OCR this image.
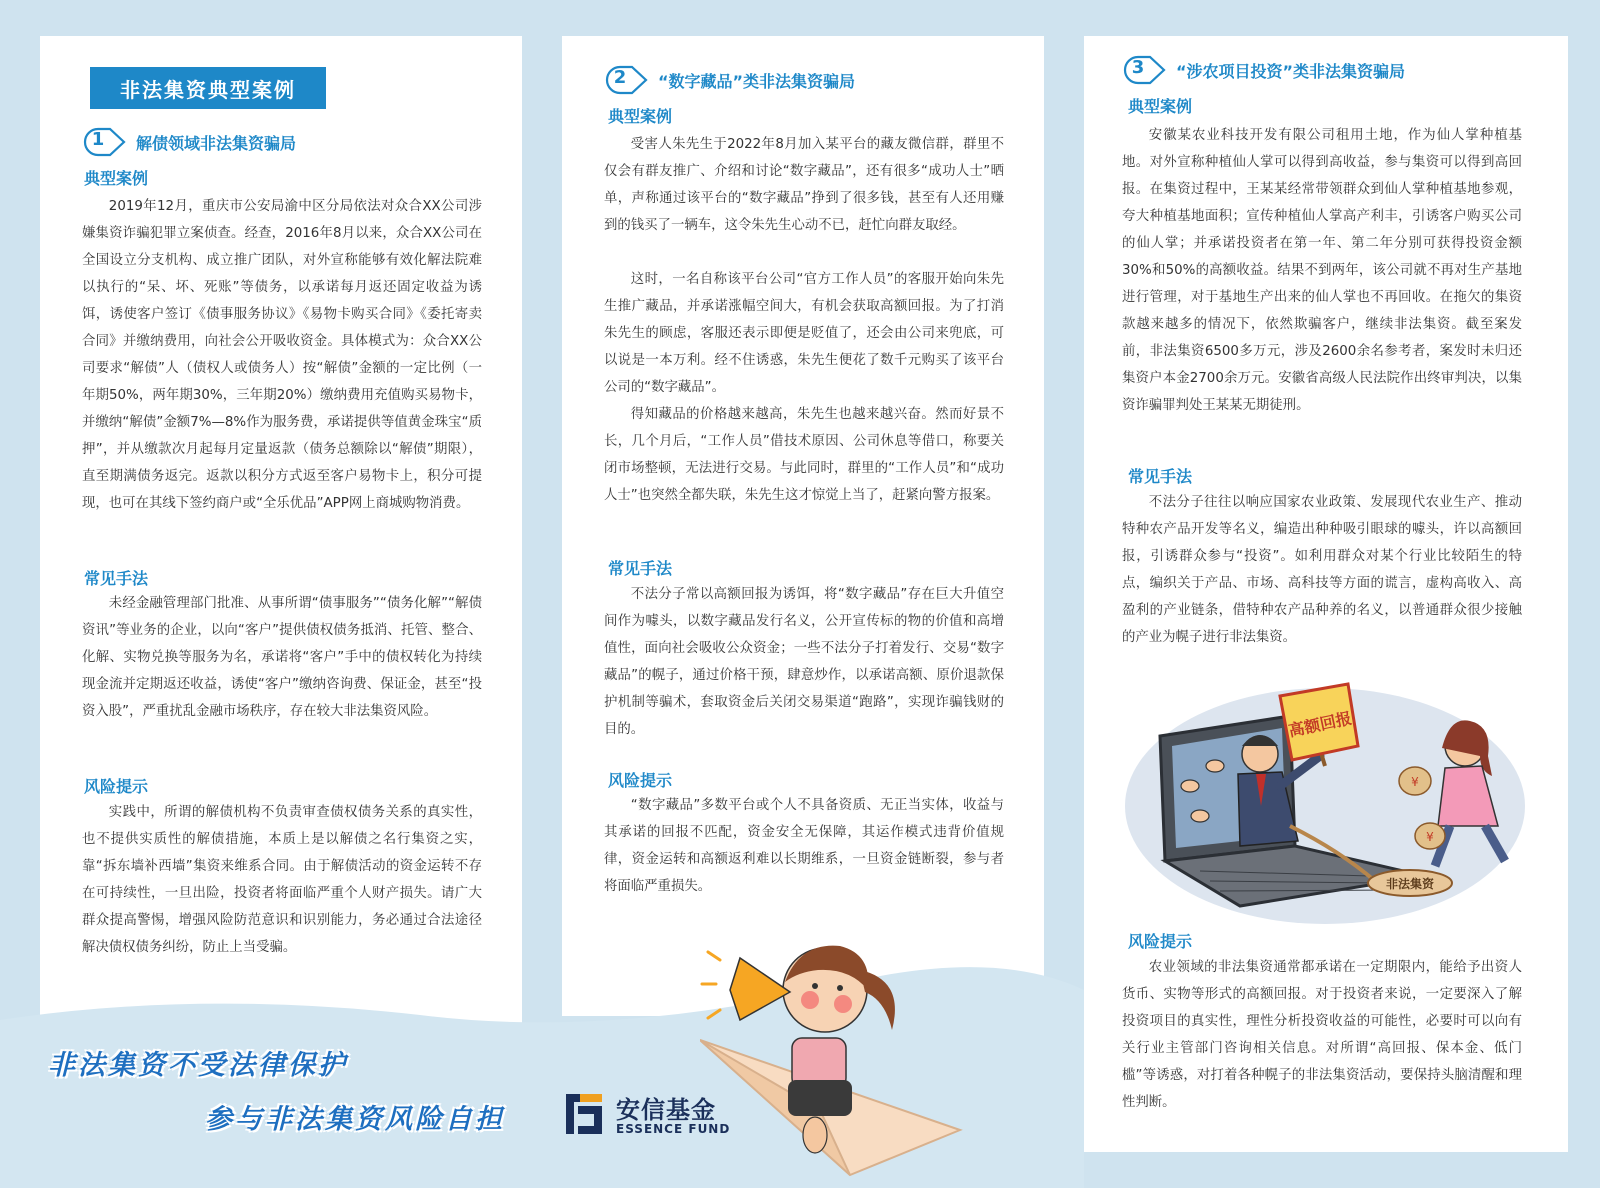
非法集资典型案例
1	解债领域非法集资骗局
典型案例

2019年12月，重庆市公安局渝中区分局依法对众合XX公司涉嫌集资诈骗犯罪立案侦查。经查，2016年8月以来，众合XX公司在全国设立分支机构、成立推广团队，对外宣称能够有效化解法院难以执行的“呆、坏、死账”等债务，以承诺每月返还固定收益为诱饵，诱使客户签订《债事服务协议》《易物卡购买合同》《委托寄卖合同》并缴纳费用，向社会公开吸收资金。具体模式为：众合XX公司要求“解债”人（债权人或债务人）按“解债”金额的一定比例（一年期50%，两年期30%，三年期20%）缴纳费用充值购买易物卡，并缴纳“解债”金额7%—8%作为服务费，承诺提供等值黄金珠宝“质押”，并从缴款次月起每月定量返款（债务总额除以“解债”期限），直至期满债务返完。返款以积分方式返至客户易物卡上，积分可提现，也可在其线下签约商户或“全乐优品”APP网上商城购物消费。

常见手法

未经金融管理部门批准、从事所谓“债事服务”“债务化解”“解债资讯”等业务的企业，以向“客户”提供债权债务抵消、托管、整合、化解、实物兑换等服务为名，承诺将“客户”手中的债权转化为持续现金流并定期返还收益，诱使“客户”缴纳咨询费、保证金，甚至“投资入股”，严重扰乱金融市场秩序，存在较大非法集资风险。

风险提示

实践中，所谓的解债机构不负责审查债权债务关系的真实性，也不提供实质性的解债措施，本质上是以解债之名行集资之实，靠“拆东墙补西墙”集资来维系合同。由于解债活动的资金运转不存在可持续性，一旦出险，投资者将面临严重个人财产损失。请广大群众提高警惕，增强风险防范意识和识别能力，务必通过合法途径解决债权债务纠纷，防止上当受骗。

2	“数字藏品”类非法集资骗局
典型案例

受害人朱先生于2022年8月加入某平台的藏友微信群，群里不仅会有群友推广、介绍和讨论“数字藏品”，还有很多“成功人士”晒单，声称通过该平台的“数字藏品”挣到了很多钱，甚至有人还用赚到的钱买了一辆车，这令朱先生心动不已，赶忙向群友取经。

这时，一名自称该平台公司“官方工作人员”的客服开始向朱先生推广藏品，并承诺涨幅空间大，有机会获取高额回报。为了打消朱先生的顾虑，客服还表示即便是贬值了，还会由公司来兜底，可以说是一本万利。经不住诱惑，朱先生便花了数千元购买了该平台公司的“数字藏品”。

得知藏品的价格越来越高，朱先生也越来越兴奋。然而好景不长，几个月后，“工作人员”借技术原因、公司休息等借口，称要关闭市场整顿，无法进行交易。与此同时，群里的“工作人员”和“成功人士”也突然全都失联，朱先生这才惊觉上当了，赶紧向警方报案。

常见手法

不法分子常以高额回报为诱饵，将“数字藏品”存在巨大升值空间作为噱头，以数字藏品发行名义，公开宣传标的物的价值和高增值性，面向社会吸收公众资金；一些不法分子打着发行、交易“数字藏品”的幌子，通过价格干预，肆意炒作，以承诺高额、原价退款保护机制等骗术，套取资金后关闭交易渠道“跑路”，实现诈骗钱财的目的。

风险提示

“数字藏品”多数平台或个人不具备资质、无正当实体，收益与其承诺的回报不匹配，资金安全无保障，其运作模式违背价值规律，资金运转和高额返利难以长期维系，一旦资金链断裂，参与者将面临严重损失。

3	“涉农项目投资”类非法集资骗局
典型案例

安徽某农业科技开发有限公司租用土地，作为仙人掌种植基地。对外宣称种植仙人掌可以得到高收益，参与集资可以得到高回报。在集资过程中，王某某经常带领群众到仙人掌种植基地参观，夸大种植基地面积；宣传种植仙人掌高产利丰，引诱客户购买公司的仙人掌；并承诺投资者在第一年、第二年分别可获得投资金额30%和50%的高额收益。结果不到两年，该公司就不再对生产基地进行管理，对于基地生产出来的仙人掌也不再回收。在拖欠的集资款越来越多的情况下，依然欺骗客户，继续非法集资。截至案发前，非法集资6500多万元，涉及2600余名参考者，案发时未归还集资户本金2700余万元。安徽省高级人民法院作出终审判决，以集资诈骗罪判处王某某无期徒刑。

常见手法

不法分子往往以响应国家农业政策、发展现代农业生产、推动特种农产品开发等名义，编造出种种吸引眼球的噱头，许以高额回报，引诱群众参与“投资”。如利用群众对某个行业比较陌生的特点，编织关于产品、市场、高科技等方面的谎言，虚构高收入、高盈利的产业链条，借特种农产品种养的名义，以普通群众很少接触的产业为幌子进行非法集资。

高额回报
非法集资
¥
¥
风险提示

农业领域的非法集资通常都承诺在一定期限内，能给予出资人货币、实物等形式的高额回报。对于投资者来说，一定要深入了解投资项目的真实性，理性分析投资收益的可能性，必要时可以向有关行业主管部门咨询相关信息。对所谓“高回报、保本金、低门槛”等诱惑，对打着各种幌子的非法集资活动，要保持头脑清醒和理性判断。

非法集资不受法律保护
参与非法集资风险自担	安信基金
ESSENCE FUND
